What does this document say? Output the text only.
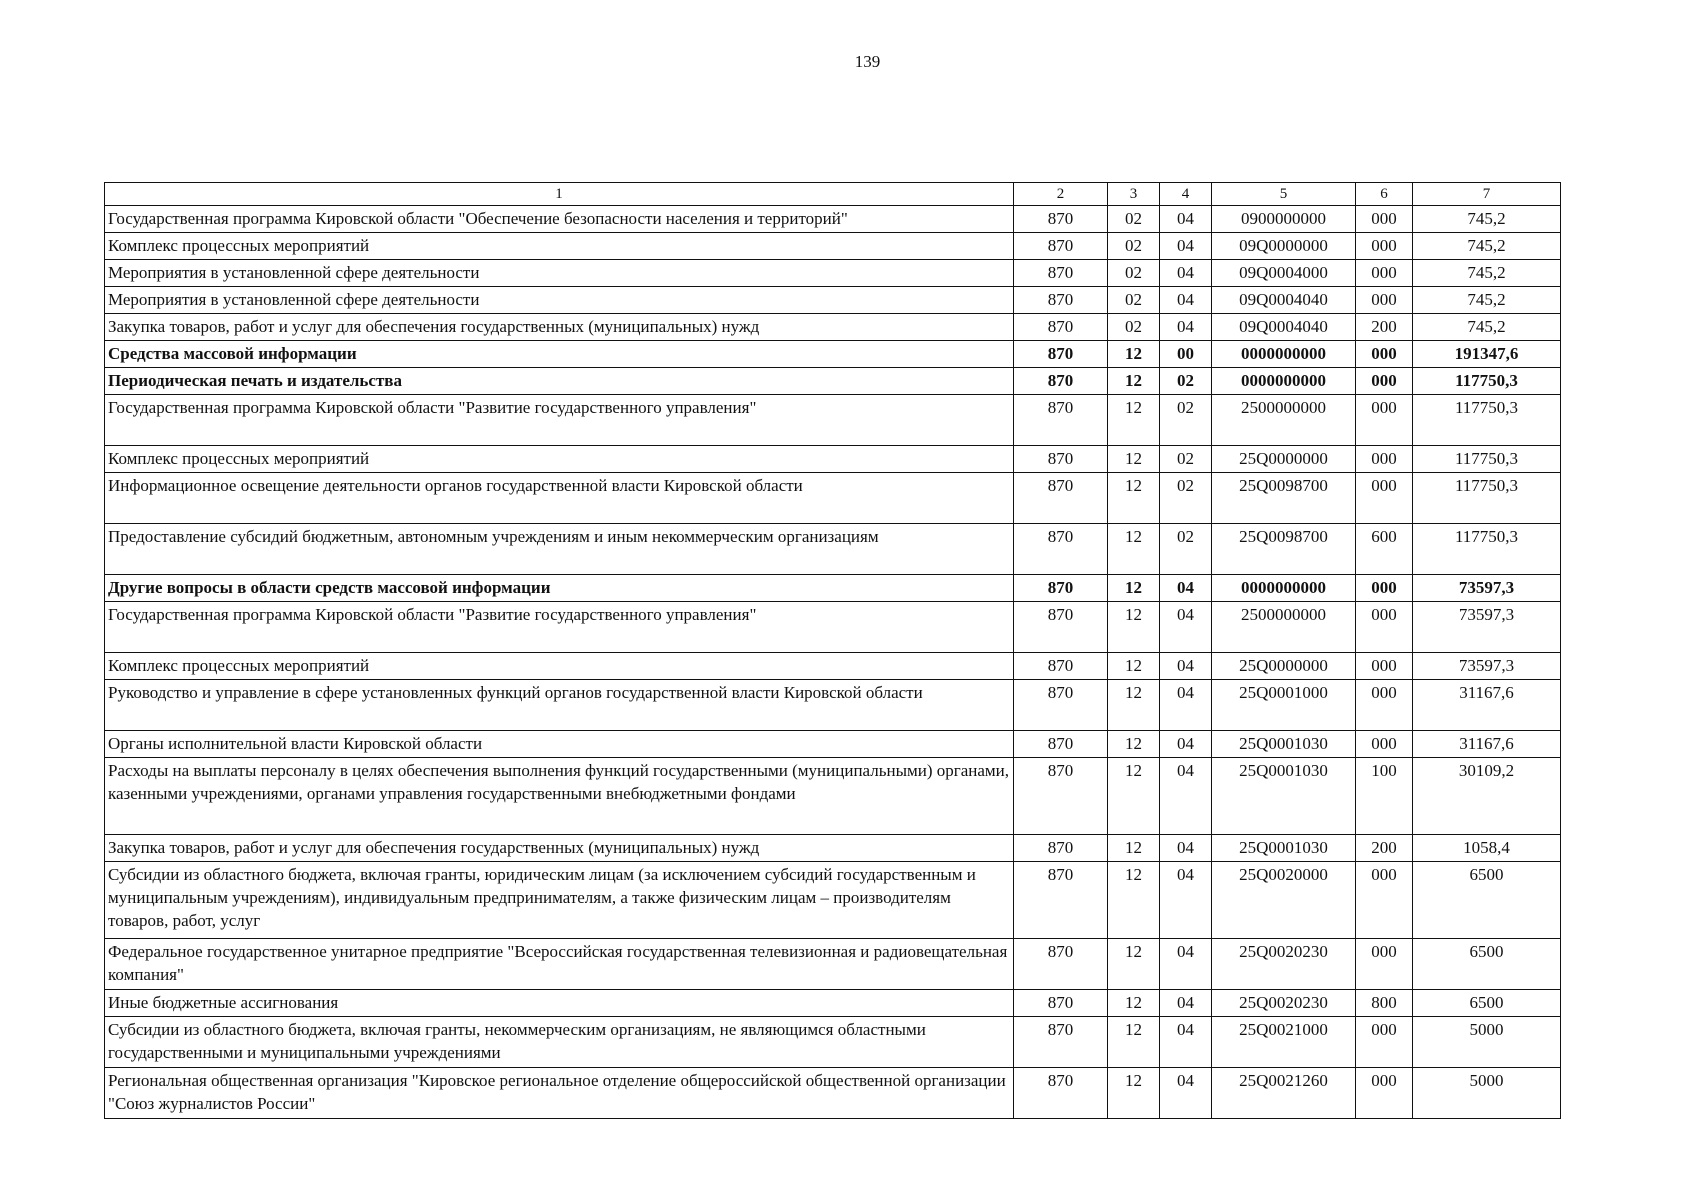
139
1	2	3	4	5	6	7
Государственная программа Кировской области "Обеспечение безопасности населения и территорий"	870	02	04	0900000000	000	745,2
Комплекс процессных мероприятий	870	02	04	09Q0000000	000	745,2
Мероприятия в установленной сфере деятельности	870	02	04	09Q0004000	000	745,2
Мероприятия в установленной сфере деятельности	870	02	04	09Q0004040	000	745,2
Закупка товаров, работ и услуг для обеспечения государственных (муниципальных) нужд	870	02	04	09Q0004040	200	745,2
Средства массовой информации	870	12	00	0000000000	000	191347,6
Периодическая печать и издательства	870	12	02	0000000000	000	117750,3
Государственная программа Кировской области "Развитие государственного управления"	870	12	02	2500000000	000	117750,3
Комплекс процессных мероприятий	870	12	02	25Q0000000	000	117750,3
Информационное освещение деятельности органов государственной власти Кировской области	870	12	02	25Q0098700	000	117750,3
Предоставление субсидий бюджетным, автономным учреждениям и иным некоммерческим организациям	870	12	02	25Q0098700	600	117750,3
Другие вопросы в области средств массовой информации	870	12	04	0000000000	000	73597,3
Государственная программа Кировской области "Развитие государственного управления"	870	12	04	2500000000	000	73597,3
Комплекс процессных мероприятий	870	12	04	25Q0000000	000	73597,3
Руководство и управление в сфере установленных функций органов государственной власти Кировской области	870	12	04	25Q0001000	000	31167,6
Органы исполнительной власти Кировской области	870	12	04	25Q0001030	000	31167,6
Расходы на выплаты персоналу в целях обеспечения выполнения функций государственными (муниципальными) органами, казенными учреждениями, органами управления государственными внебюджетными фондами	870	12	04	25Q0001030	100	30109,2
Закупка товаров, работ и услуг для обеспечения государственных (муниципальных) нужд	870	12	04	25Q0001030	200	1058,4
Субсидии из областного бюджета, включая гранты, юридическим лицам (за исключением субсидий государственным и муниципальным учреждениям), индивидуальным предпринимателям, а также физическим лицам – производителям товаров, работ, услуг	870	12	04	25Q0020000	000	6500
Федеральное государственное унитарное предприятие "Всероссийская государственная телевизионная и радиовещательная компания"	870	12	04	25Q0020230	000	6500
Иные бюджетные ассигнования	870	12	04	25Q0020230	800	6500
Субсидии из областного бюджета, включая гранты, некоммерческим организациям, не являющимся областными государственными и муниципальными учреждениями	870	12	04	25Q0021000	000	5000
Региональная общественная организация "Кировское региональное отделение общероссийской общественной организации "Союз журналистов России"	870	12	04	25Q0021260	000	5000
